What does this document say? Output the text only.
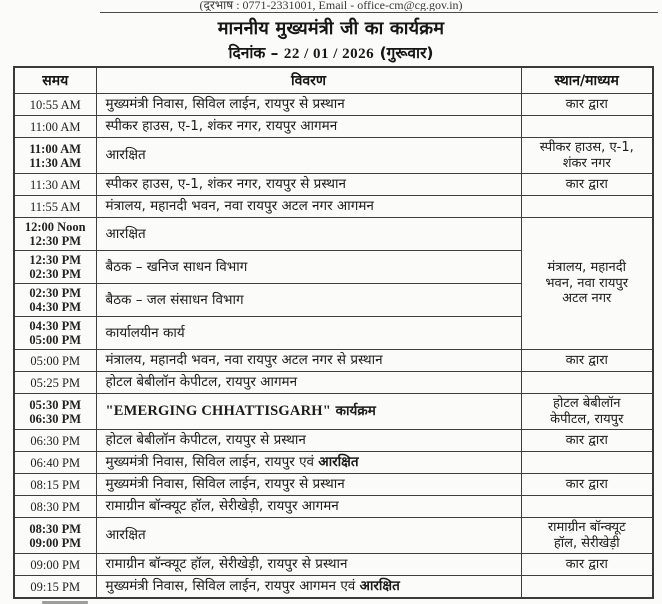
(दूरभाष : 0771-2331001, Email - office-cm@cg.gov.in)
माननीय मुख्यमंत्री जी का कार्यक्रम
दिनांक – 22 / 01 / 2026 (गुरूवार)
समय	विवरण	स्थान/माध्यम

10:55 AM	मुख्यमंत्री निवास, सिविल लाईन, रायपुर से प्रस्थान	कार द्वारा

11:00 AM	स्पीकर हाउस, ए-1, शंकर नगर, रायपुर आगमन	

11:00 AM
11:30 AM	आरक्षित	स्पीकर हाउस, ए-1,
शंकर नगर

11:30 AM	स्पीकर हाउस, ए-1, शंकर नगर, रायपुर से प्रस्थान	कार द्वारा

11:55 AM	मंत्रालय, महानदी भवन, नवा रायपुर अटल नगर आगमन	

12:00 Noon
12:30 PM	आरक्षित	
मंत्रालय, महानदी
भवन, नवा रायपुर
अटल नगर

12:30 PM
02:30 PM	बैठक – खनिज साधन विभाग	

02:30 PM
04:30 PM	बैठक – जल संसाधन विभाग	

04:30 PM
05:00 PM	कार्यालयीन कार्य	

05:00 PM	मंत्रालय, महानदी भवन, नवा रायपुर अटल नगर से प्रस्थान	कार द्वारा

05:25 PM	होटल बेबीलॉन केपीटल, रायपुर आगमन	

05:30 PM
06:30 PM	"EMERGING CHHATTISGARH" कार्यक्रम	होटल बेबीलॉन
केपीटल, रायपुर

06:30 PM	होटल बेबीलॉन केपीटल, रायपुर से प्रस्थान	कार द्वारा

06:40 PM	मुख्यमंत्री निवास, सिविल लाईन, रायपुर एवं आरक्षित	

08:15 PM	मुख्यमंत्री निवास, सिविल लाईन, रायपुर से प्रस्थान	कार द्वारा

08:30 PM	रामाग्रीन बॉन्क्यूट हॉल, सेरीखेड़ी, रायपुर आगमन	

08:30 PM
09:00 PM	आरक्षित	रामाग्रीन बॉन्क्यूट
हॉल, सेरीखेड़ी

09:00 PM	रामाग्रीन बॉन्क्यूट हॉल, सेरीखेड़ी, रायपुर से प्रस्थान	कार द्वारा

09:15 PM	मुख्यमंत्री निवास, सिविल लाईन, रायपुर आगमन एवं आरक्षित	
